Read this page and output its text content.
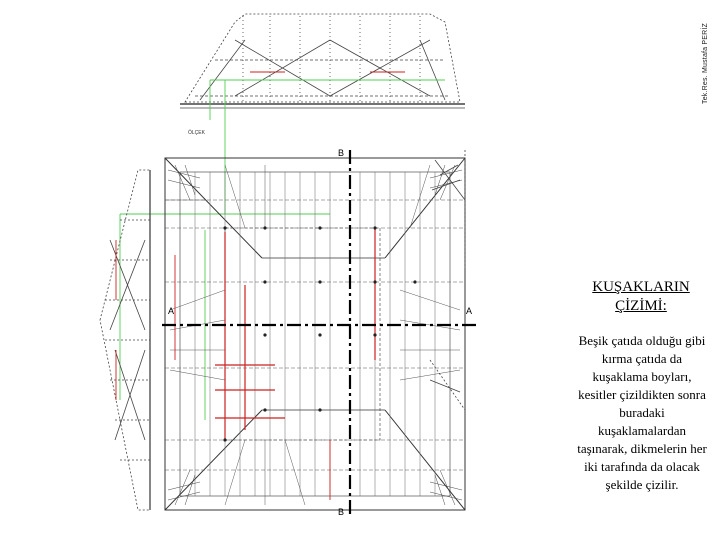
ÖLÇEK
A	A
B
B
Tek.Res. Mustafa PERİZ
KUŞAKLARIN
ÇİZİMİ:
Beşik çatıda olduğu gibi kırma çatıda da kuşaklama boyları, kesitler çizildikten sonra buradaki kuşaklamalardan taşınarak, dikmelerin her iki tarafında da olacak şekilde çizilir.
